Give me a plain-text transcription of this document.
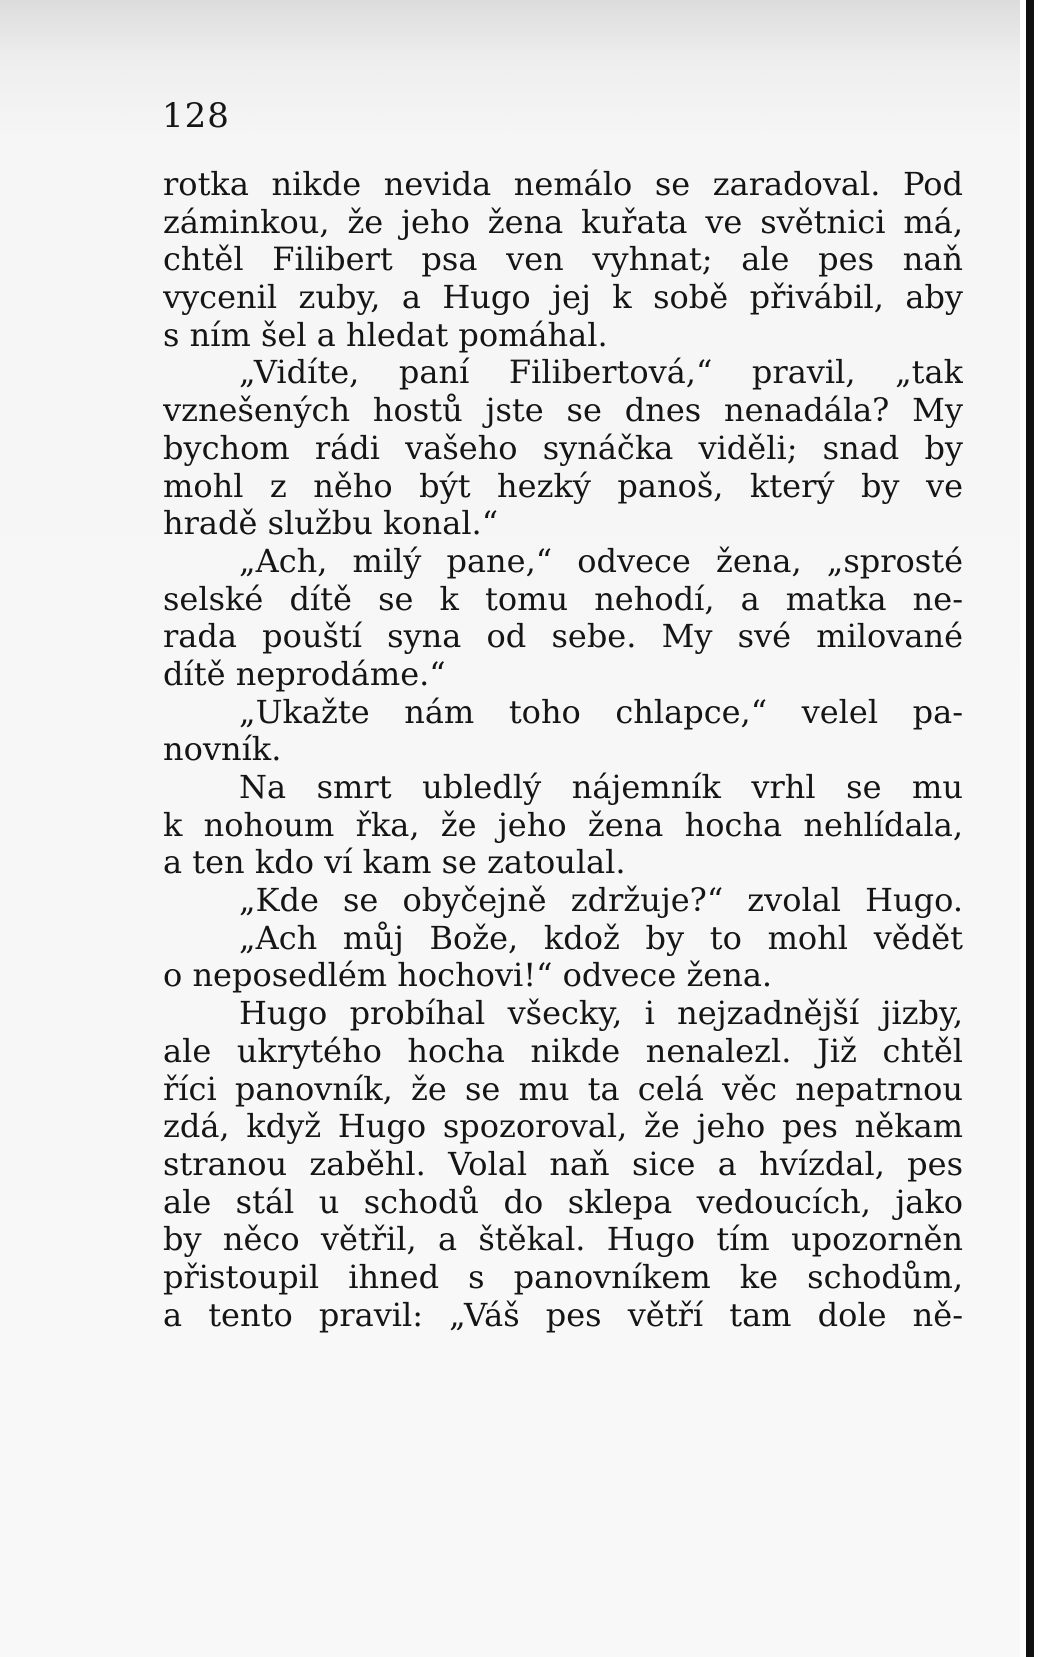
128
rotka nikde nevida nemálo se zaradoval. Pod
záminkou, že jeho žena kuřata ve světnici má,
chtěl Filibert psa ven vyhnat; ale pes naň
vycenil zuby, a Hugo jej k sobě přivábil, aby
s ním šel a hledat pomáhal.
„Vidíte, paní Filibertová,“ pravil, „tak
vznešených hostů jste se dnes nenadála? My
bychom rádi vašeho synáčka viděli; snad by
mohl z něho být hezký panoš, který by ve
hradě službu konal.“
„Ach, milý pane,“ odvece žena, „sprosté
selské dítě se k tomu nehodí, a matka ne-
rada pouští syna od sebe. My své milované
dítě neprodáme.“
„Ukažte nám toho chlapce,“ velel pa-
novník.
Na smrt ubledlý nájemník vrhl se mu
k nohoum řka, že jeho žena hocha nehlídala,
a ten kdo ví kam se zatoulal.
„Kde se obyčejně zdržuje?“ zvolal Hugo.
„Ach můj Bože, kdož by to mohl vědět
o neposedlém hochovi!“ odvece žena.
Hugo probíhal všecky, i nejzadnější jizby,
ale ukrytého hocha nikde nenalezl. Již chtěl
říci panovník, že se mu ta celá věc nepatrnou
zdá, když Hugo spozoroval, že jeho pes někam
stranou zaběhl. Volal naň sice a hvízdal, pes
ale stál u schodů do sklepa vedoucích, jako
by něco větřil, a štěkal. Hugo tím upozorněn
přistoupil ihned s panovníkem ke schodům,
a tento pravil: „Váš pes větří tam dole ně-
